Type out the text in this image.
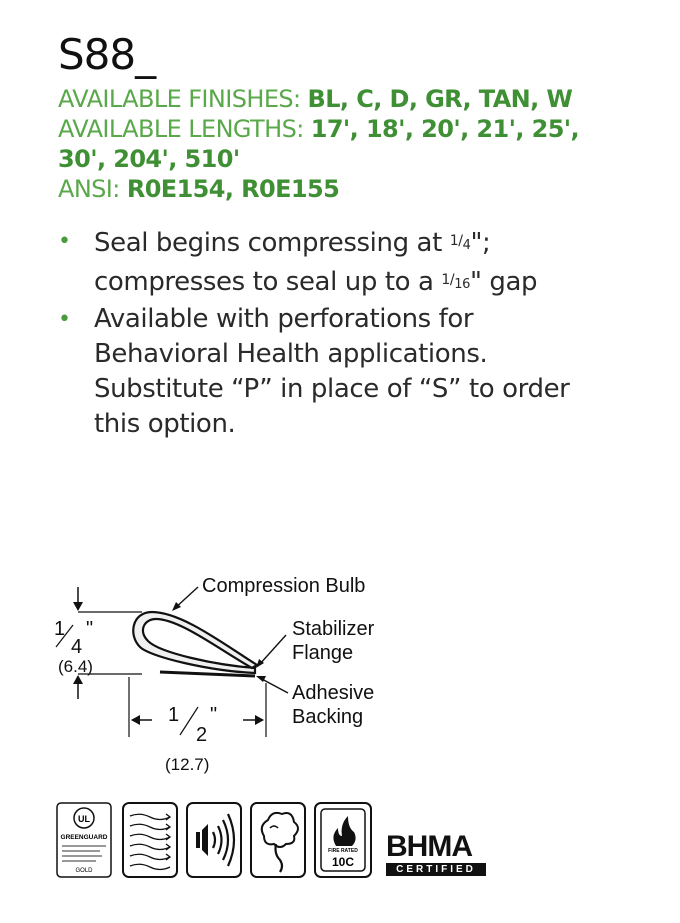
S88_
AVAILABLE FINISHES: BL, C, D, GR, TAN, W
AVAILABLE LENGTHS: 17', 18', 20', 21', 25',
30', 204', 510'
ANSI: R0E154, R0E155
• Seal begins compressing at $^{1/4}$";
compresses to seal up to a $^{1/16}$" gap
• Available with perforations for
Behavioral Health applications.
Substitute “P” in place of “S” to order
this option.
1
4
"
(6.4)
1
2
"
(12.7)
Compression Bulb
Stabilizer
Flange
Adhesive
Backing
UL
GREENGUARD
GOLD
FIRE RATED
10C BHMA
CERTIFIED
